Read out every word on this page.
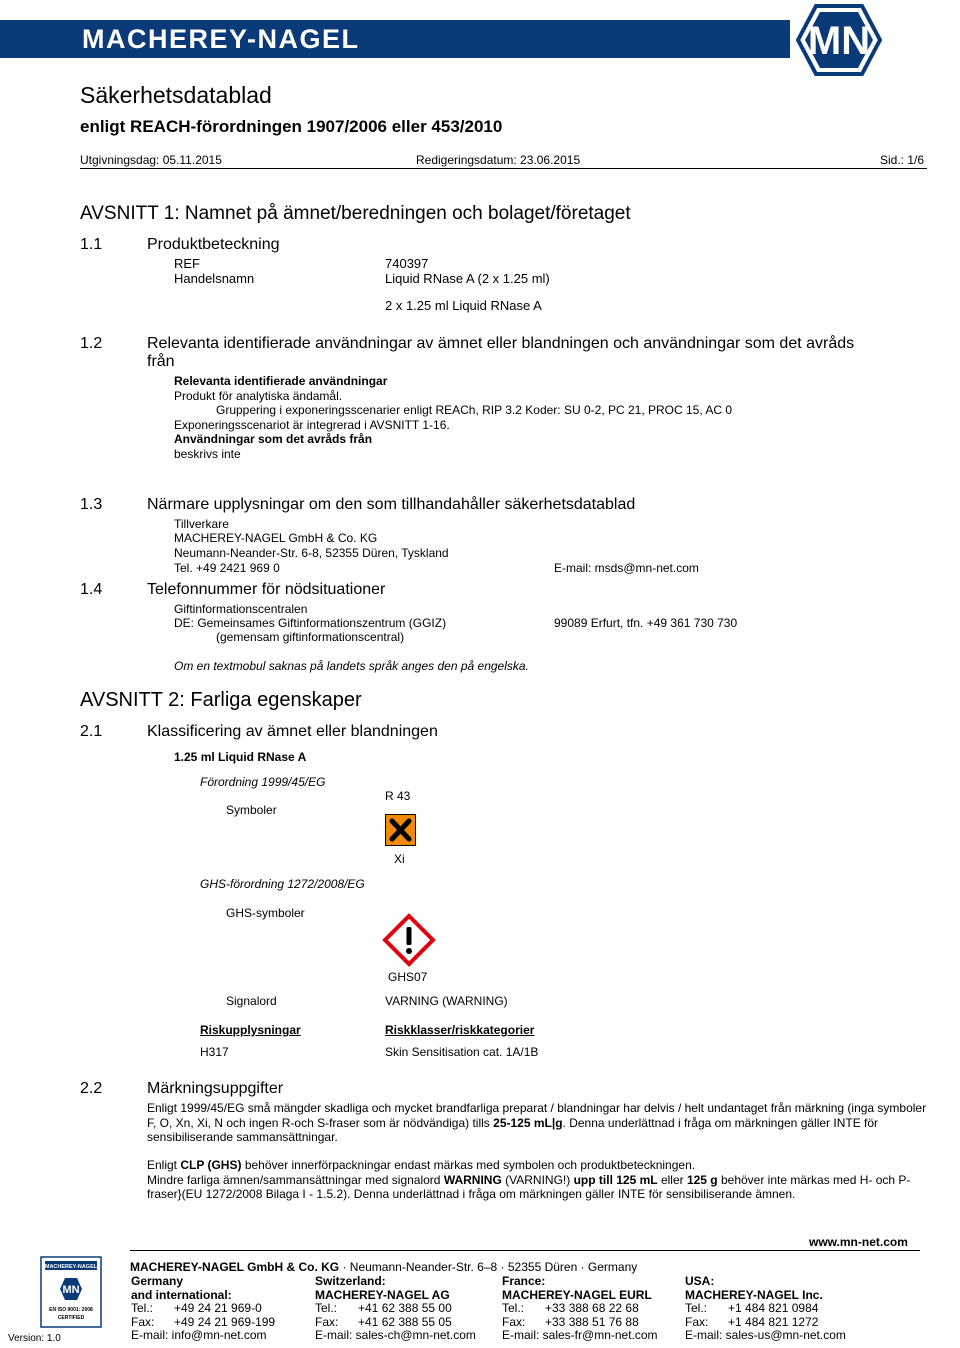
MACHEREY-NAGEL	MN
Säkerhetsdatablad
enligt REACH-förordningen 1907/2006 eller 453/2010
Utgivningsdag: 05.11.2015	Redigeringsdatum: 23.06.2015	Sid.: 1/6
AVSNITT 1: Namnet på ämnet/beredningen och bolaget/företaget
1.1	Produktbeteckning
REF	740397
Handelsnamn	Liquid RNase A (2 x 1.25 ml)
2 x 1.25 ml Liquid RNase A
1.2	Relevanta identifierade användningar av ämnet eller blandningen och användningar som det avråds
från
Relevanta identifierade användningar
Produkt för analytiska ändamål.
Gruppering i exponeringsscenarier enligt REACh, RIP 3.2 Koder: SU 0-2, PC 21, PROC 15, AC 0
Exponeringsscenariot är integrerad i AVSNITT 1-16.
Användningar som det avråds från
beskrivs inte
1.3	Närmare upplysningar om den som tillhandahåller säkerhetsdatablad
Tillverkare
MACHEREY-NAGEL GmbH & Co. KG
Neumann-Neander-Str. 6-8, 52355 Düren, Tyskland
Tel. +49 2421 969 0	E-mail: msds@mn-net.com
1.4	Telefonnummer för nödsituationer
Giftinformationscentralen
DE: Gemeinsames Giftinformationszentrum (GGIZ)	99089 Erfurt, tfn. +49 361 730 730
(gemensam giftinformationscentral)
Om en textmobul saknas på landets språk anges den på engelska.
AVSNITT 2: Farliga egenskaper
2.1	Klassificering av ämnet eller blandningen
1.25 ml Liquid RNase A
Förordning 1999/45/EG
Symboler
R 43
Xi
GHS-förordning 1272/2008/EG
GHS-symboler
GHS07
Signalord	VARNING (WARNING)
Riskupplysningar	Riskklasser/riskkategorier
H317	Skin Sensitisation cat. 1A/1B
2.2	Märkningsuppgifter
Enligt 1999/45/EG små mängder skadliga och mycket brandfarliga preparat / blandningar har delvis / helt undantaget från märkning (inga symboler F, O, Xn, Xi, N och ingen R-och S-fraser som är nödvändiga) tills 25-125 mL|g. Denna underlättnad i fråga om märkningen gäller INTE för sensibiliserande sammansättningar.
Enligt CLP (GHS) behöver innerförpackningar endast märkas med symbolen och produktbeteckningen.
Mindre farliga ämnen/sammansättningar med signalord WARNING (VARNING!) upp till 125 mL eller 125 g behöver inte märkas med H- och P-fraser}(EU 1272/2008 Bilaga I - 1.5.2). Denna underlättnad i fråga om märkningen gäller INTE för sensibiliserande ämnen.
www.mn-net.com
MACHEREY-NAGEL
MN
EN ISO 9001: 2008
CERTIFIED
MACHEREY-NAGEL GmbH & Co. KG · Neumann-Neander-Str. 6–8 · 52355 Düren · Germany
Germany
and international:
Tel.: +49 24 21 969-0
Fax: +49 24 21 969-199
E-mail: info@mn-net.com
Switzerland:
MACHEREY-NAGEL AG
Tel.: +41 62 388 55 00
Fax: +41 62 388 55 05
E-mail: sales-ch@mn-net.com
France:
MACHEREY-NAGEL EURL
Tel.: +33 388 68 22 68
Fax: +33 388 51 76 88
E-mail: sales-fr@mn-net.com
USA:
MACHEREY-NAGEL Inc.
Tel.: +1 484 821 0984
Fax: +1 484 821 1272
E-mail: sales-us@mn-net.com
Version: 1.0
